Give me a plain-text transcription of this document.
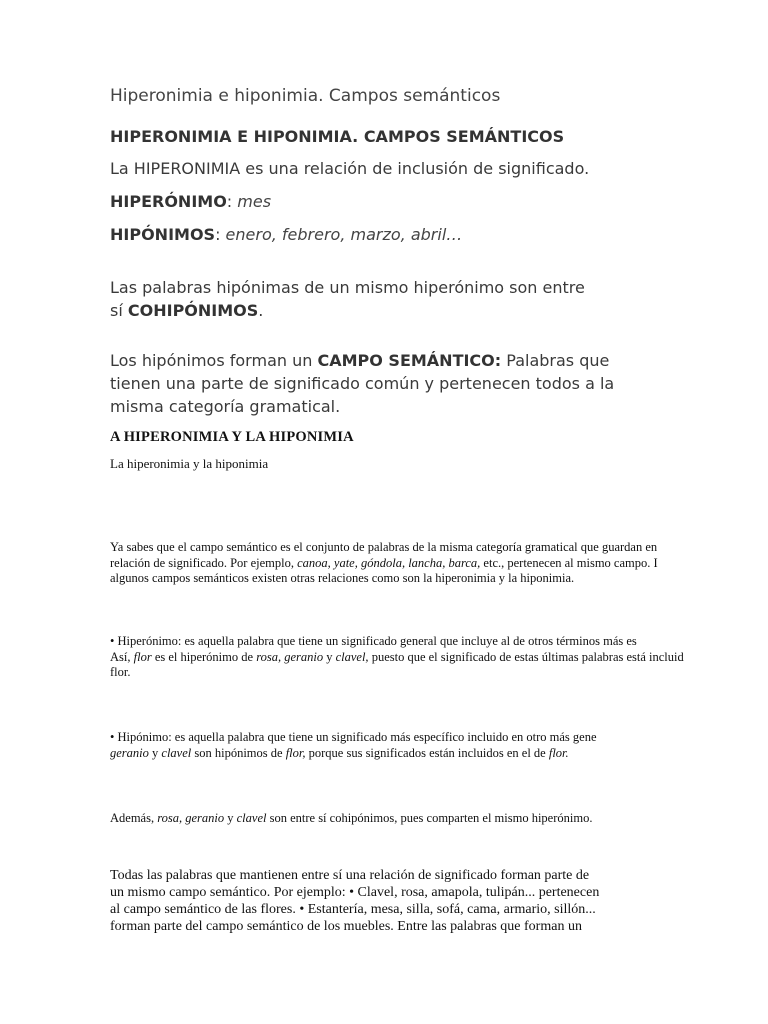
Hiperonimia e hiponimia. Campos semánticos
HIPERONIMIA E HIPONIMIA. CAMPOS SEMÁNTICOS
La HIPERONIMIA es una relación de inclusión de significado.
HIPERÓNIMO: mes
HIPÓNIMOS: enero, febrero, marzo, abril…
Las palabras hipónimas de un mismo hiperónimo son entre
sí COHIPÓNIMOS.
Los hipónimos forman un CAMPO SEMÁNTICO: Palabras que tienen una parte de significado común y pertenecen todos a la misma categoría gramatical.
A HIPERONIMIA Y LA HIPONIMIA
La hiperonimia y la hiponimia
Ya sabes que el campo semántico es el conjunto de palabras de la misma categoría gramatical que guardan en
relación de significado. Por ejemplo, canoa, yate, góndola, lancha, barca, etc., pertenecen al mismo campo. I
algunos campos semánticos existen otras relaciones como son la hiperonimia y la hiponimia.
• Hiperónimo: es aquella palabra que tiene un significado general que incluye al de otros términos más es
Así, flor es el hiperónimo de rosa, geranio y clavel, puesto que el significado de estas últimas palabras está incluid
flor.
• Hipónimo: es aquella palabra que tiene un significado más específico incluido en otro más gene
geranio y clavel son hipónimos de flor, porque sus significados están incluidos en el de flor.
Además, rosa, geranio y clavel son entre sí cohipónimos, pues comparten el mismo hiperónimo.
Todas las palabras que mantienen entre sí una relación de significado forman parte de
un mismo campo semántico. Por ejemplo: • Clavel, rosa, amapola, tulipán... pertenecen
al campo semántico de las flores. • Estantería, mesa, silla, sofá, cama, armario, sillón...
forman parte del campo semántico de los muebles. Entre las palabras que forman un
